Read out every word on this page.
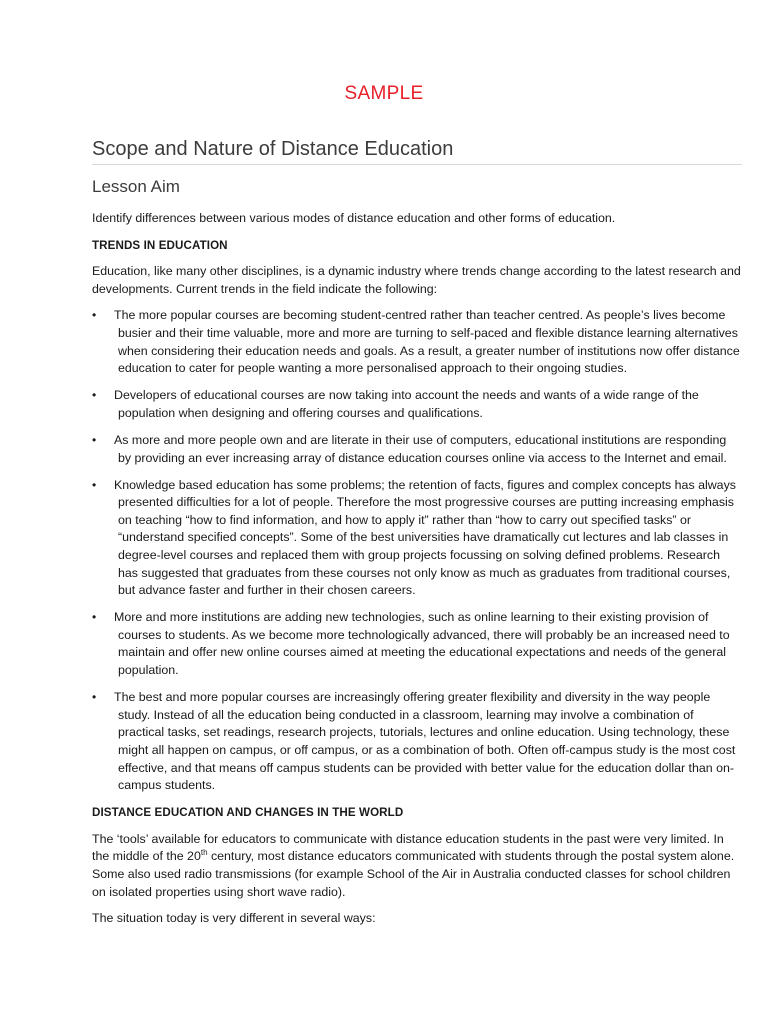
SAMPLE
Scope and Nature of Distance Education
Lesson Aim

Identify differences between various modes of distance education and other forms of education.

TRENDS IN EDUCATION

Education, like many other disciplines, is a dynamic industry where trends change according to the latest research and developments. Current trends in the field indicate the following:

• The more popular courses are becoming student-centred rather than teacher centred. As people’s lives become busier and their time valuable, more and more are turning to self-paced and flexible distance learning alternatives when considering their education needs and goals. As a result, a greater number of institutions now offer distance education to cater for people wanting a more personalised approach to their ongoing studies.
• Developers of educational courses are now taking into account the needs and wants of a wide range of the population when designing and offering courses and qualifications.
• As more and more people own and are literate in their use of computers, educational institutions are responding by providing an ever increasing array of distance education courses online via access to the Internet and email.
• Knowledge based education has some problems; the retention of facts, figures and complex concepts has always presented difficulties for a lot of people. Therefore the most progressive courses are putting increasing emphasis on teaching “how to find information, and how to apply it” rather than “how to carry out specified tasks” or “understand specified concepts”. Some of the best universities have dramatically cut lectures and lab classes in degree-level courses and replaced them with group projects focussing on solving defined problems. Research has suggested that graduates from these courses not only know as much as graduates from traditional courses, but advance faster and further in their chosen careers.
• More and more institutions are adding new technologies, such as online learning to their existing provision of courses to students. As we become more technologically advanced, there will probably be an increased need to maintain and offer new online courses aimed at meeting the educational expectations and needs of the general population.
• The best and more popular courses are increasingly offering greater flexibility and diversity in the way people study. Instead of all the education being conducted in a classroom, learning may involve a combination of practical tasks, set readings, research projects, tutorials, lectures and online education. Using technology, these might all happen on campus, or off campus, or as a combination of both. Often off-campus study is the most cost effective, and that means off campus students can be provided with better value for the education dollar than on-campus students.

DISTANCE EDUCATION AND CHANGES IN THE WORLD

The ‘tools’ available for educators to communicate with distance education students in the past were very limited. In the middle of the 20th century, most distance educators communicated with students through the postal system alone. Some also used radio transmissions (for example School of the Air in Australia conducted classes for school children on isolated properties using short wave radio).

The situation today is very different in several ways:
